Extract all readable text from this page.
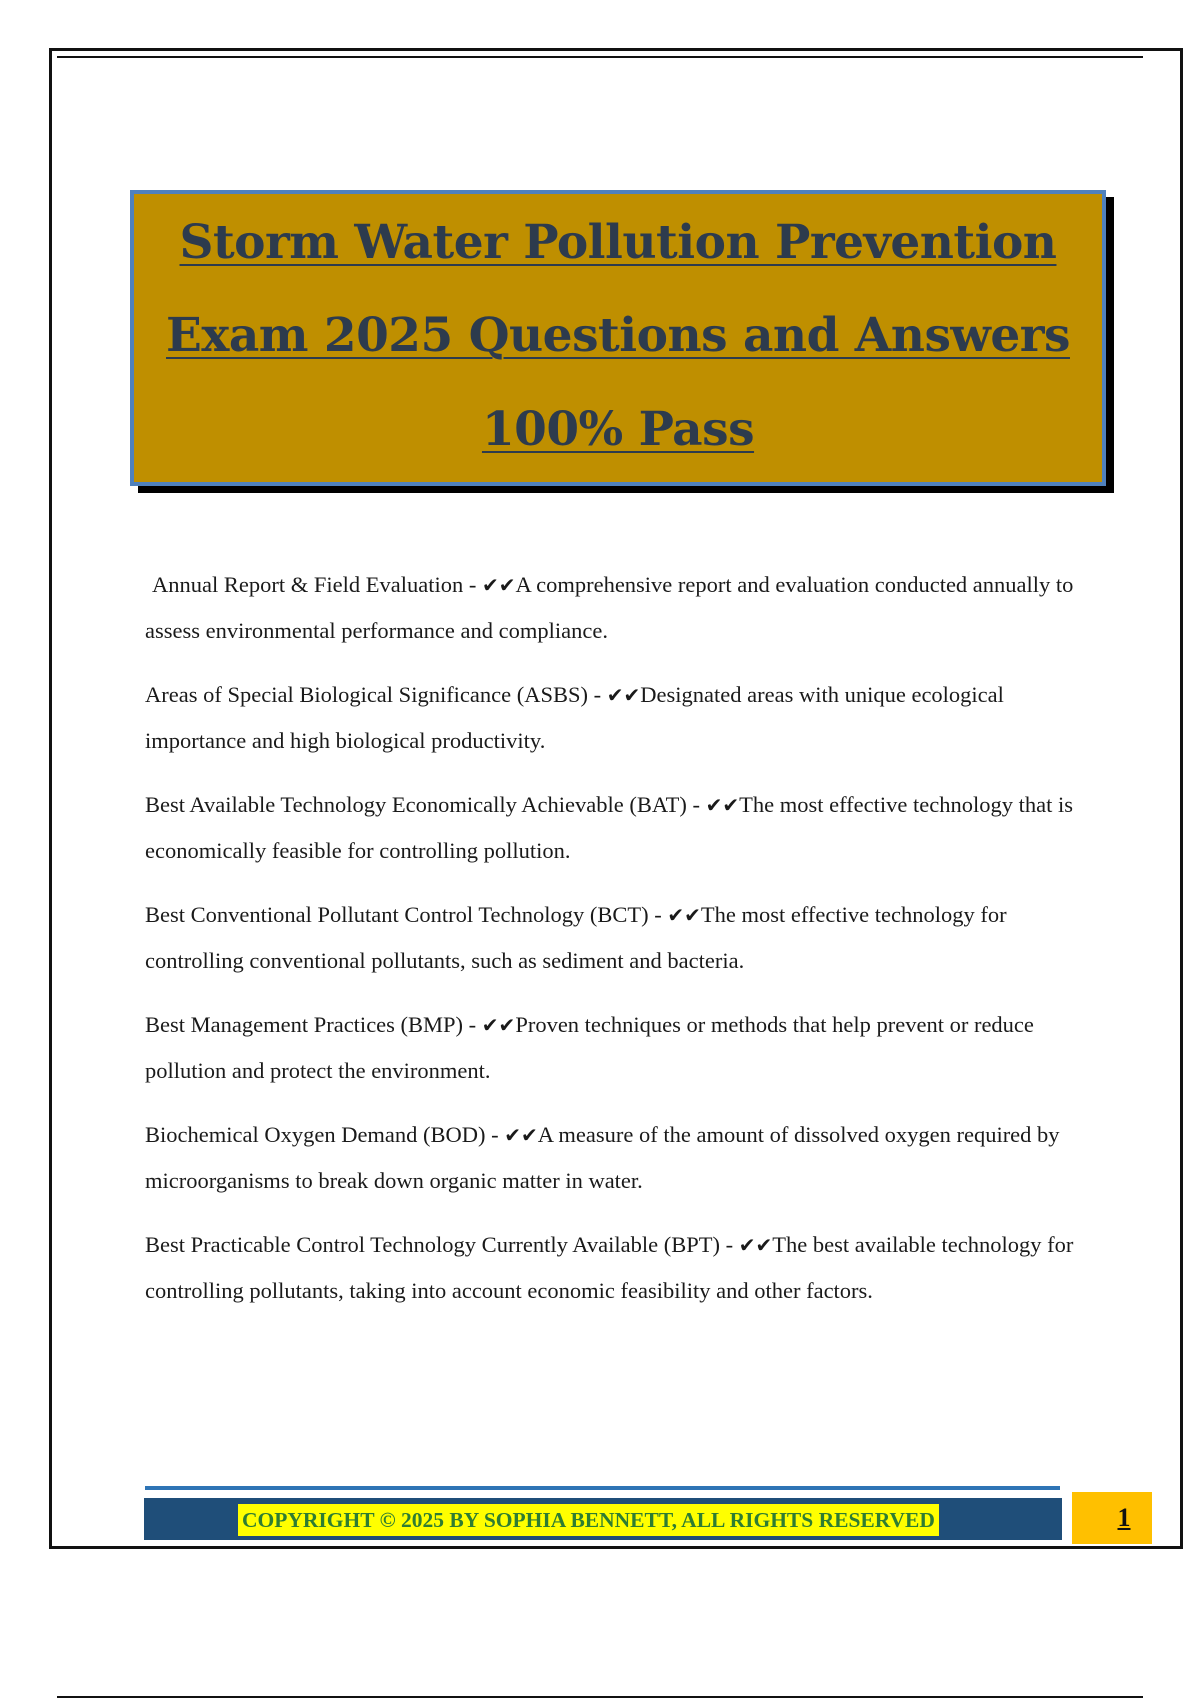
Storm Water Pollution Prevention
Exam 2025 Questions and Answers
100% Pass

Annual Report & Field Evaluation - ✔✔A comprehensive report and evaluation conducted annually to assess environmental performance and compliance.

Areas of Special Biological Significance (ASBS) - ✔✔Designated areas with unique ecological importance and high biological productivity.

Best Available Technology Economically Achievable (BAT) - ✔✔The most effective technology that is economically feasible for controlling pollution.

Best Conventional Pollutant Control Technology (BCT) - ✔✔The most effective technology for controlling conventional pollutants, such as sediment and bacteria.

Best Management Practices (BMP) - ✔✔Proven techniques or methods that help prevent or reduce pollution and protect the environment.

Biochemical Oxygen Demand (BOD) - ✔✔A measure of the amount of dissolved oxygen required by microorganisms to break down organic matter in water.

Best Practicable Control Technology Currently Available (BPT) - ✔✔The best available technology for controlling pollutants, taking into account economic feasibility and other factors.

COPYRIGHT © 2025 BY SOPHIA BENNETT, ALL RIGHTS RESERVED	1
